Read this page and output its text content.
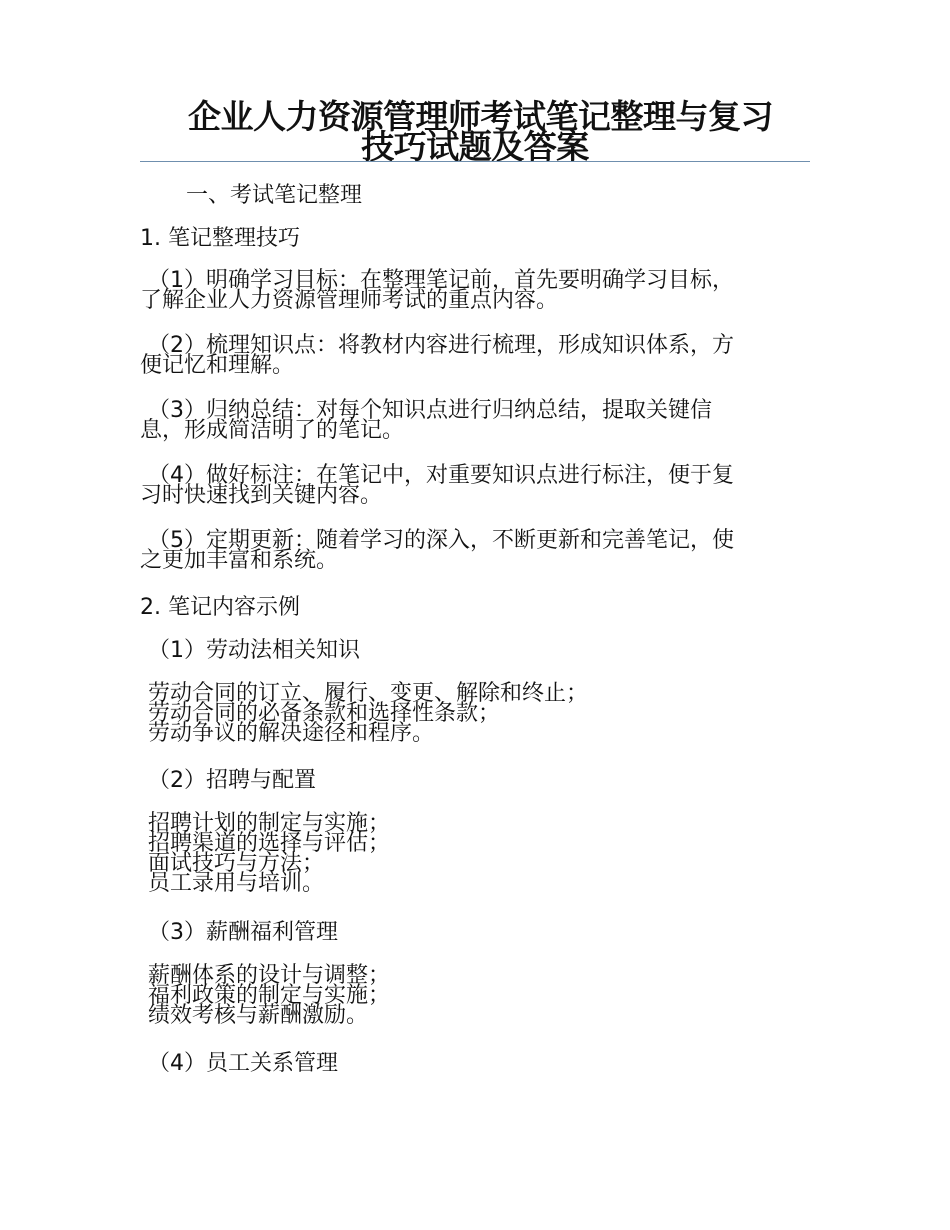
企业人力资源管理师考试笔记整理与复习
技巧试题及答案

一、考试笔记整理

1. 笔记整理技巧

（1）明确学习目标：在整理笔记前，首先要明确学习目标，
了解企业人力资源管理师考试的重点内容。
（2）梳理知识点：将教材内容进行梳理，形成知识体系，方
便记忆和理解。
（3）归纳总结：对每个知识点进行归纳总结，提取关键信
息，形成简洁明了的笔记。
（4）做好标注：在笔记中，对重要知识点进行标注，便于复
习时快速找到关键内容。
（5）定期更新：随着学习的深入，不断更新和完善笔记，使
之更加丰富和系统。

2. 笔记内容示例

（1）劳动法相关知识

劳动合同的订立、履行、变更、解除和终止；
劳动合同的必备条款和选择性条款；
劳动争议的解决途径和程序。

（2）招聘与配置

招聘计划的制定与实施；
招聘渠道的选择与评估；
面试技巧与方法；
员工录用与培训。

（3）薪酬福利管理

薪酬体系的设计与调整；
福利政策的制定与实施；
绩效考核与薪酬激励。

（4）员工关系管理
